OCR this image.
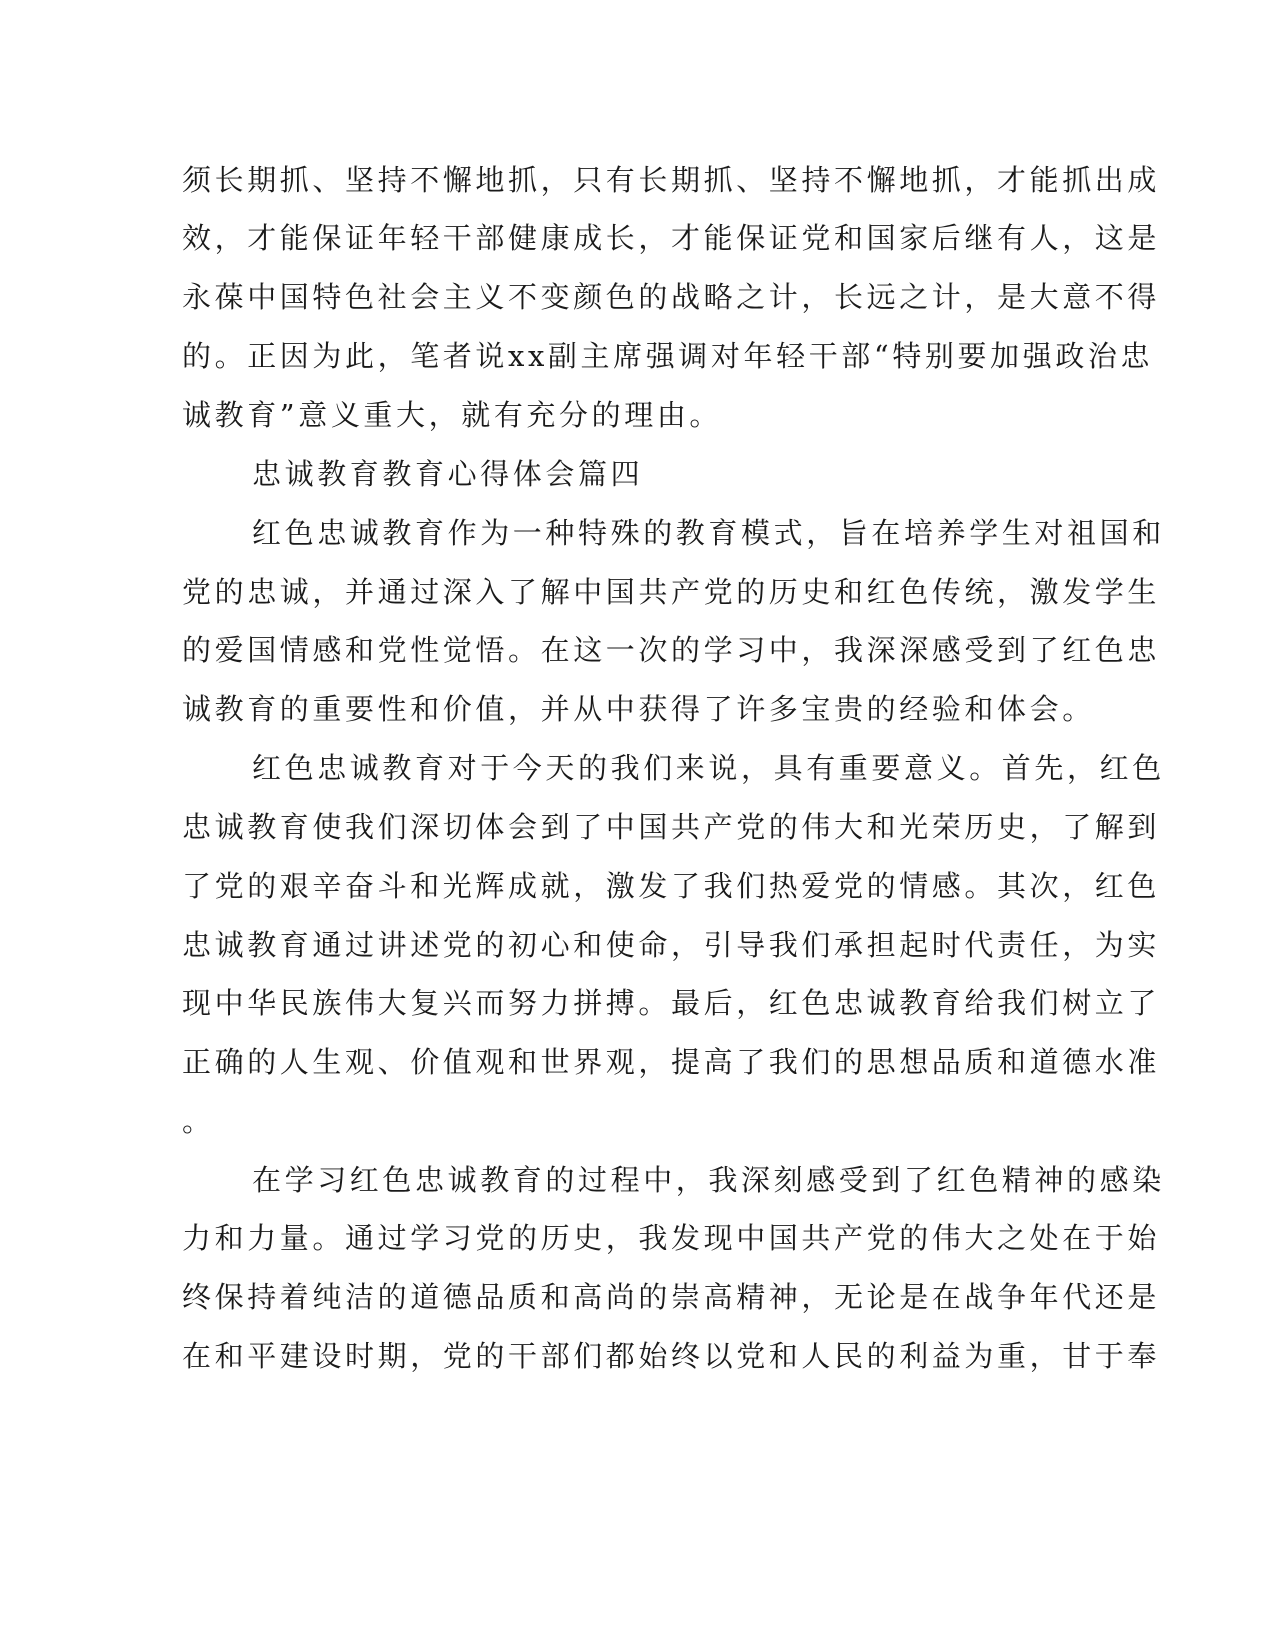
须长期抓、坚持不懈地抓，只有长期抓、坚持不懈地抓，才能抓出成
效，才能保证年轻干部健康成长，才能保证党和国家后继有人，这是
永葆中国特色社会主义不变颜色的战略之计，长远之计，是大意不得
的。正因为此，笔者说xx副主席强调对年轻干部“特别要加强政治忠
诚教育”意义重大，就有充分的理由。
忠诚教育教育心得体会篇四
红色忠诚教育作为一种特殊的教育模式，旨在培养学生对祖国和
党的忠诚，并通过深入了解中国共产党的历史和红色传统，激发学生
的爱国情感和党性觉悟。在这一次的学习中，我深深感受到了红色忠
诚教育的重要性和价值，并从中获得了许多宝贵的经验和体会。
红色忠诚教育对于今天的我们来说，具有重要意义。首先，红色
忠诚教育使我们深切体会到了中国共产党的伟大和光荣历史，了解到
了党的艰辛奋斗和光辉成就，激发了我们热爱党的情感。其次，红色
忠诚教育通过讲述党的初心和使命，引导我们承担起时代责任，为实
现中华民族伟大复兴而努力拼搏。最后，红色忠诚教育给我们树立了
正确的人生观、价值观和世界观，提高了我们的思想品质和道德水准
。
在学习红色忠诚教育的过程中，我深刻感受到了红色精神的感染
力和力量。通过学习党的历史，我发现中国共产党的伟大之处在于始
终保持着纯洁的道德品质和高尚的崇高精神，无论是在战争年代还是
在和平建设时期，党的干部们都始终以党和人民的利益为重，甘于奉
